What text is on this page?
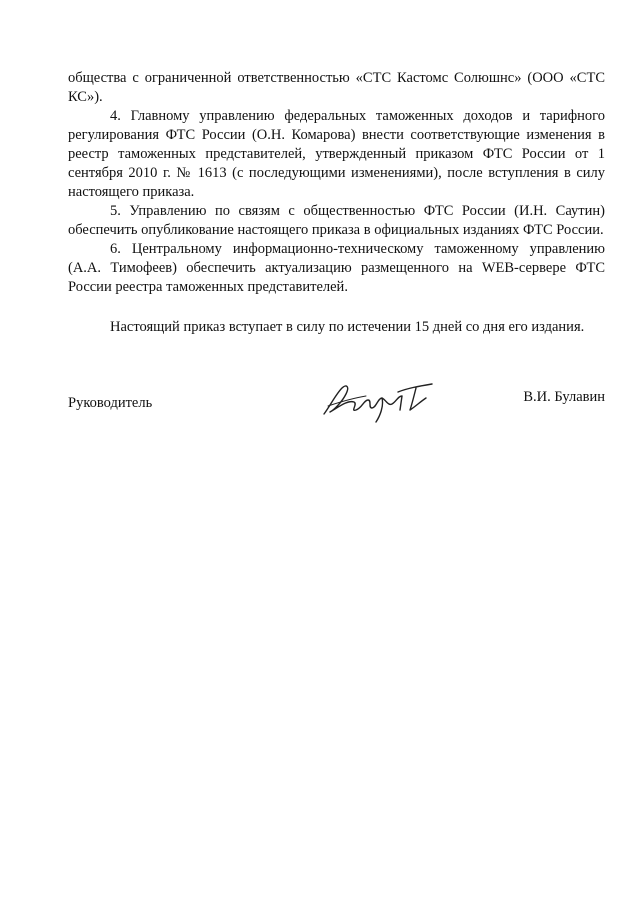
общества с ограниченной ответственностью «СТС Кастомс Солюшнс» (ООО «СТС КС»).

4. Главному управлению федеральных таможенных доходов и тарифного регулирования ФТС России (О.Н. Комарова) внести соответствующие изменения в реестр таможенных представителей, утвержденный приказом ФТС России от 1 сентября 2010 г. № 1613 (с последующими изменениями), после вступления в силу настоящего приказа.

5. Управлению по связям с общественностью ФТС России (И.Н. Саутин) обеспечить опубликование настоящего приказа в официальных изданиях ФТС России.

6. Центральному информационно-техническому таможенному управлению (А.А. Тимофеев) обеспечить актуализацию размещенного на WEB-сервере ФТС России реестра таможенных представителей.

Настоящий приказ вступает в силу по истечении 15 дней со дня его издания.

Руководитель	В.И. Булавин
